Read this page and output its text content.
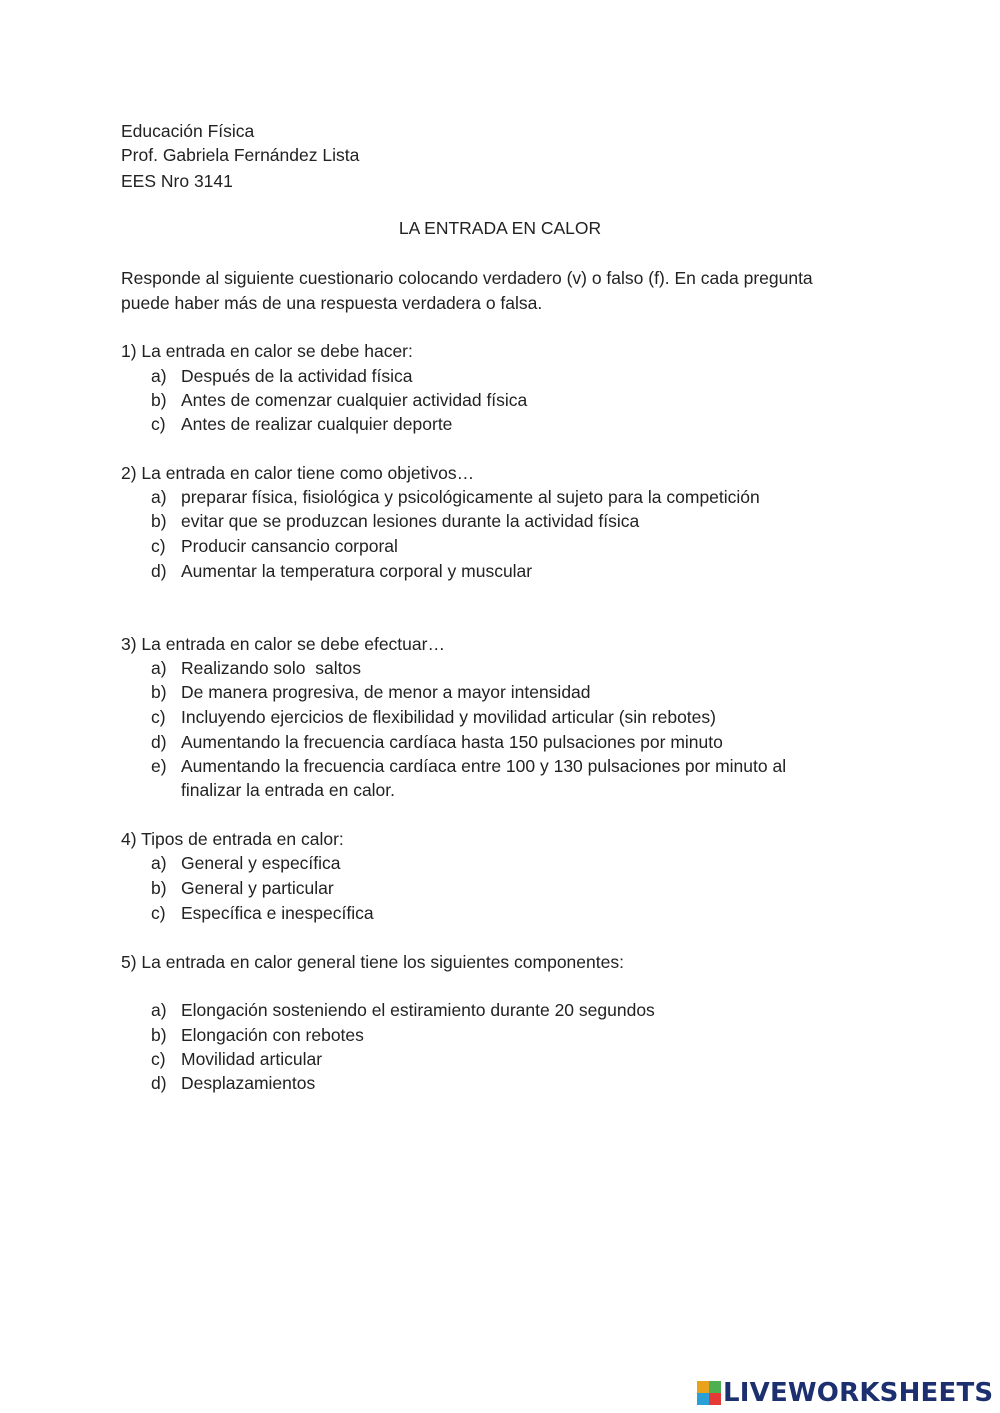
Educación Física
Prof. Gabriela Fernández Lista
EES Nro 3141
LA ENTRADA EN CALOR
Responde al siguiente cuestionario colocando verdadero (v) o falso (f). En cada pregunta
puede haber más de una respuesta verdadera o falsa.
1) La entrada en calor se debe hacer:
a) Después de la actividad física
b) Antes de comenzar cualquier actividad física
c) Antes de realizar cualquier deporte
2) La entrada en calor tiene como objetivos…
a) preparar física, fisiológica y psicológicamente al sujeto para la competición
b) evitar que se produzcan lesiones durante la actividad física
c) Producir cansancio corporal
d) Aumentar la temperatura corporal y muscular
3) La entrada en calor se debe efectuar…
a) Realizando solo  saltos
b) De manera progresiva, de menor a mayor intensidad
c) Incluyendo ejercicios de flexibilidad y movilidad articular (sin rebotes)
d) Aumentando la frecuencia cardíaca hasta 150 pulsaciones por minuto
e) Aumentando la frecuencia cardíaca entre 100 y 130 pulsaciones por minuto al
finalizar la entrada en calor.
4) Tipos de entrada en calor:
a) General y específica
b) General y particular
c) Específica e inespecífica
5) La entrada en calor general tiene los siguientes componentes:
a) Elongación sosteniendo el estiramiento durante 20 segundos
b) Elongación con rebotes
c) Movilidad articular
d) Desplazamientos
LIVEWORKSHEETS
